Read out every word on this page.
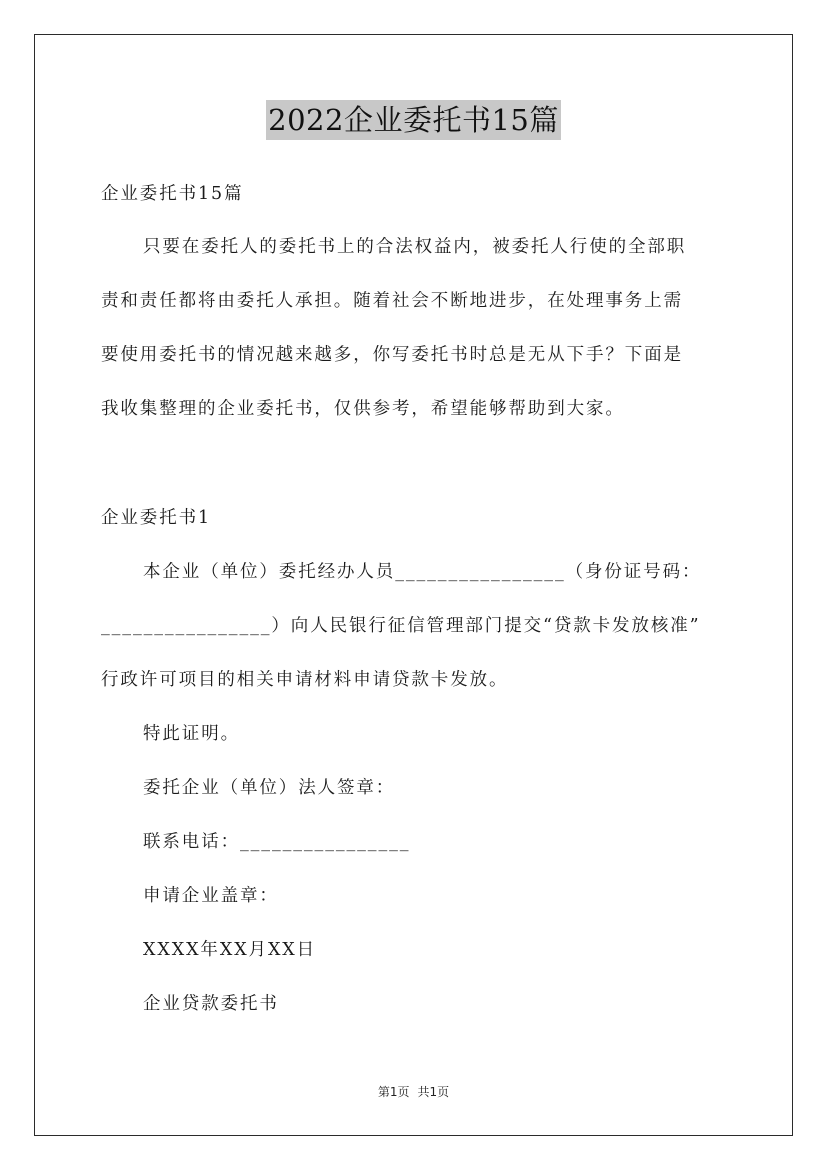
2022企业委托书15篇
企业委托书15篇
只要在委托人的委托书上的合法权益内，被委托人行使的全部职
责和责任都将由委托人承担。随着社会不断地进步，在处理事务上需
要使用委托书的情况越来越多，你写委托书时总是无从下手？下面是
我收集整理的企业委托书，仅供参考，希望能够帮助到大家。
企业委托书1
本企业（单位）委托经办人员________________（身份证号码：
________________）向人民银行征信管理部门提交“贷款卡发放核准”
行政许可项目的相关申请材料申请贷款卡发放。
特此证明。
委托企业（单位）法人签章：
联系电话：________________
申请企业盖章：
XXXX年XX月XX日
企业贷款委托书
第1页 共1页
